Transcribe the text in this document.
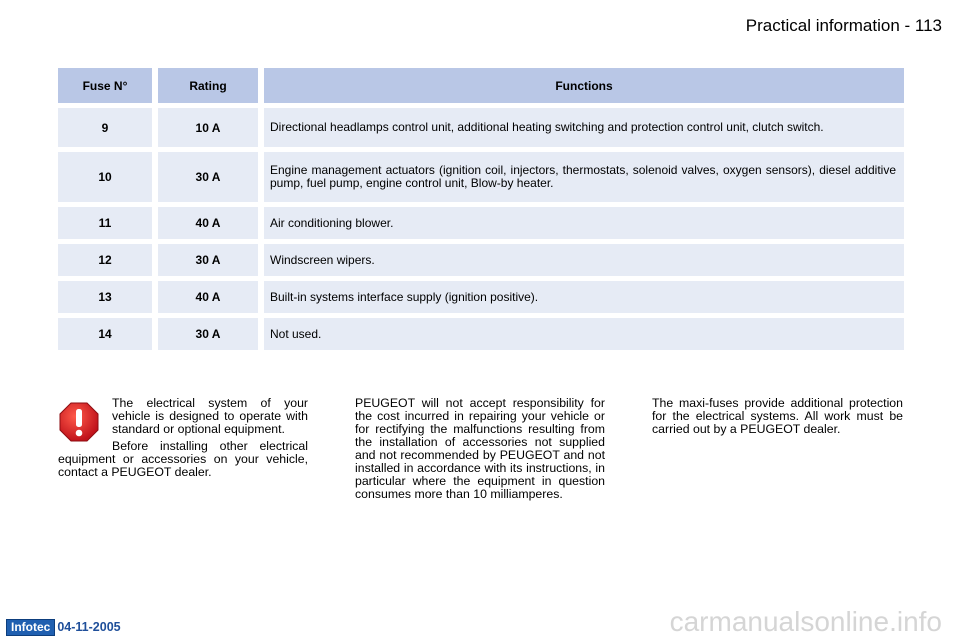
Practical information - 113
Fuse N°	Rating	Functions
9	10 A	Directional headlamps control unit, additional heating switching and protection control unit, clutch switch.
10	30 A	Engine management actuators (ignition coil, injectors, thermostats, solenoid valves, oxygen sensors), diesel additive pump, fuel pump, engine control unit, Blow-by heater.
11	40 A	Air conditioning blower.
12	30 A	Windscreen wipers.
13	40 A	Built-in systems interface supply (ignition positive).
14	30 A	Not used.

The electrical system of your vehicle is designed to operate with standard or optional equipment.

Before installing other electrical equipment or accessories on your vehicle, contact a PEUGEOT dealer.

PEUGEOT will not accept responsibility for the cost incurred in repairing your vehicle or for rectifying the malfunctions resulting from the installation of accessories not supplied and not recommended by PEUGEOT and not installed in accordance with its instructions, in particular where the equipment in question consumes more than 10 milliamperes.

The maxi-fuses provide additional protection for the electrical systems. All work must be carried out by a PEUGEOT dealer.

Infotec 04-11-2005	carmanualsonline.info
